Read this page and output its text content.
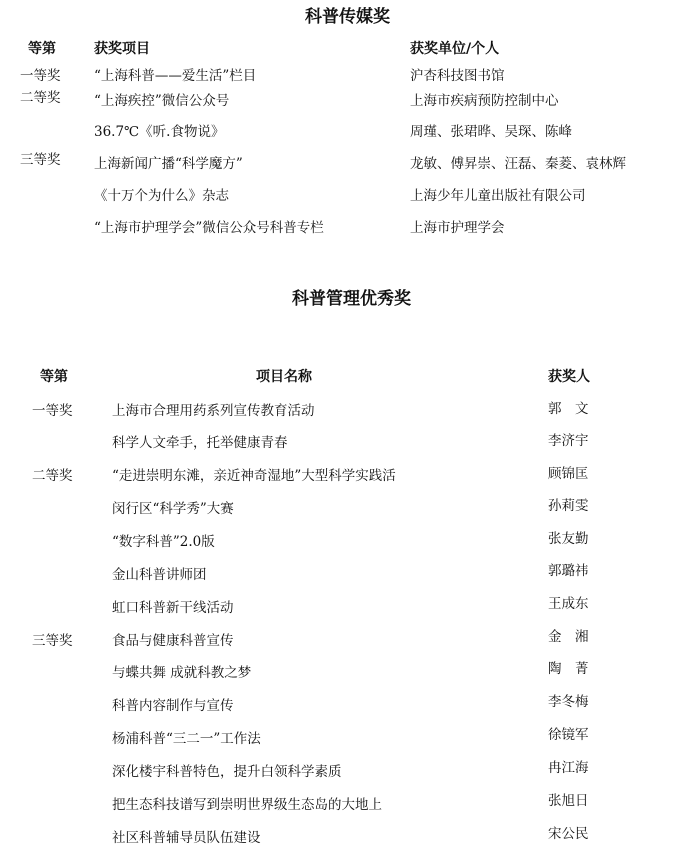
科普传媒奖
等第	获奖项目	获奖单位/个人
一等奖 “上海科普——爱生活”栏目	沪杏科技图书馆
二等奖 “上海疾控”微信公众号	上海市疾病预防控制中心
36.7℃《听.食物说》	周瑾、张珺晔、吴琛、陈峰
三等奖 上海新闻广播“科学魔方”	龙敏、傅昇崇、汪磊、秦菱、袁林辉
《十万个为什么》杂志	上海少年儿童出版社有限公司
“上海市护理学会”微信公众号科普专栏	上海市护理学会
科普管理优秀奖
等第	项目名称	获奖人
一等奖	上海市合理用药系列宣传教育活动	郭　文
科学人文牵手，托举健康青春	李济宇
二等奖	“走进崇明东滩，亲近神奇湿地”大型科学实践活	顾锦匡
闵行区“科学秀”大赛	孙莉雯
“数字科普”2.0版	张友勤
金山科普讲师团	郭璐祎
虹口科普新干线活动	王成东
三等奖	食品与健康科普宣传	金　湘
与蝶共舞 成就科教之梦	陶　菁
科普内容制作与宣传	李冬梅
杨浦科普“三二一”工作法	徐镜军
深化楼宇科普特色，提升白领科学素质	冉江海
把生态科技谱写到崇明世界级生态岛的大地上	张旭日
社区科普辅导员队伍建设	宋公民
